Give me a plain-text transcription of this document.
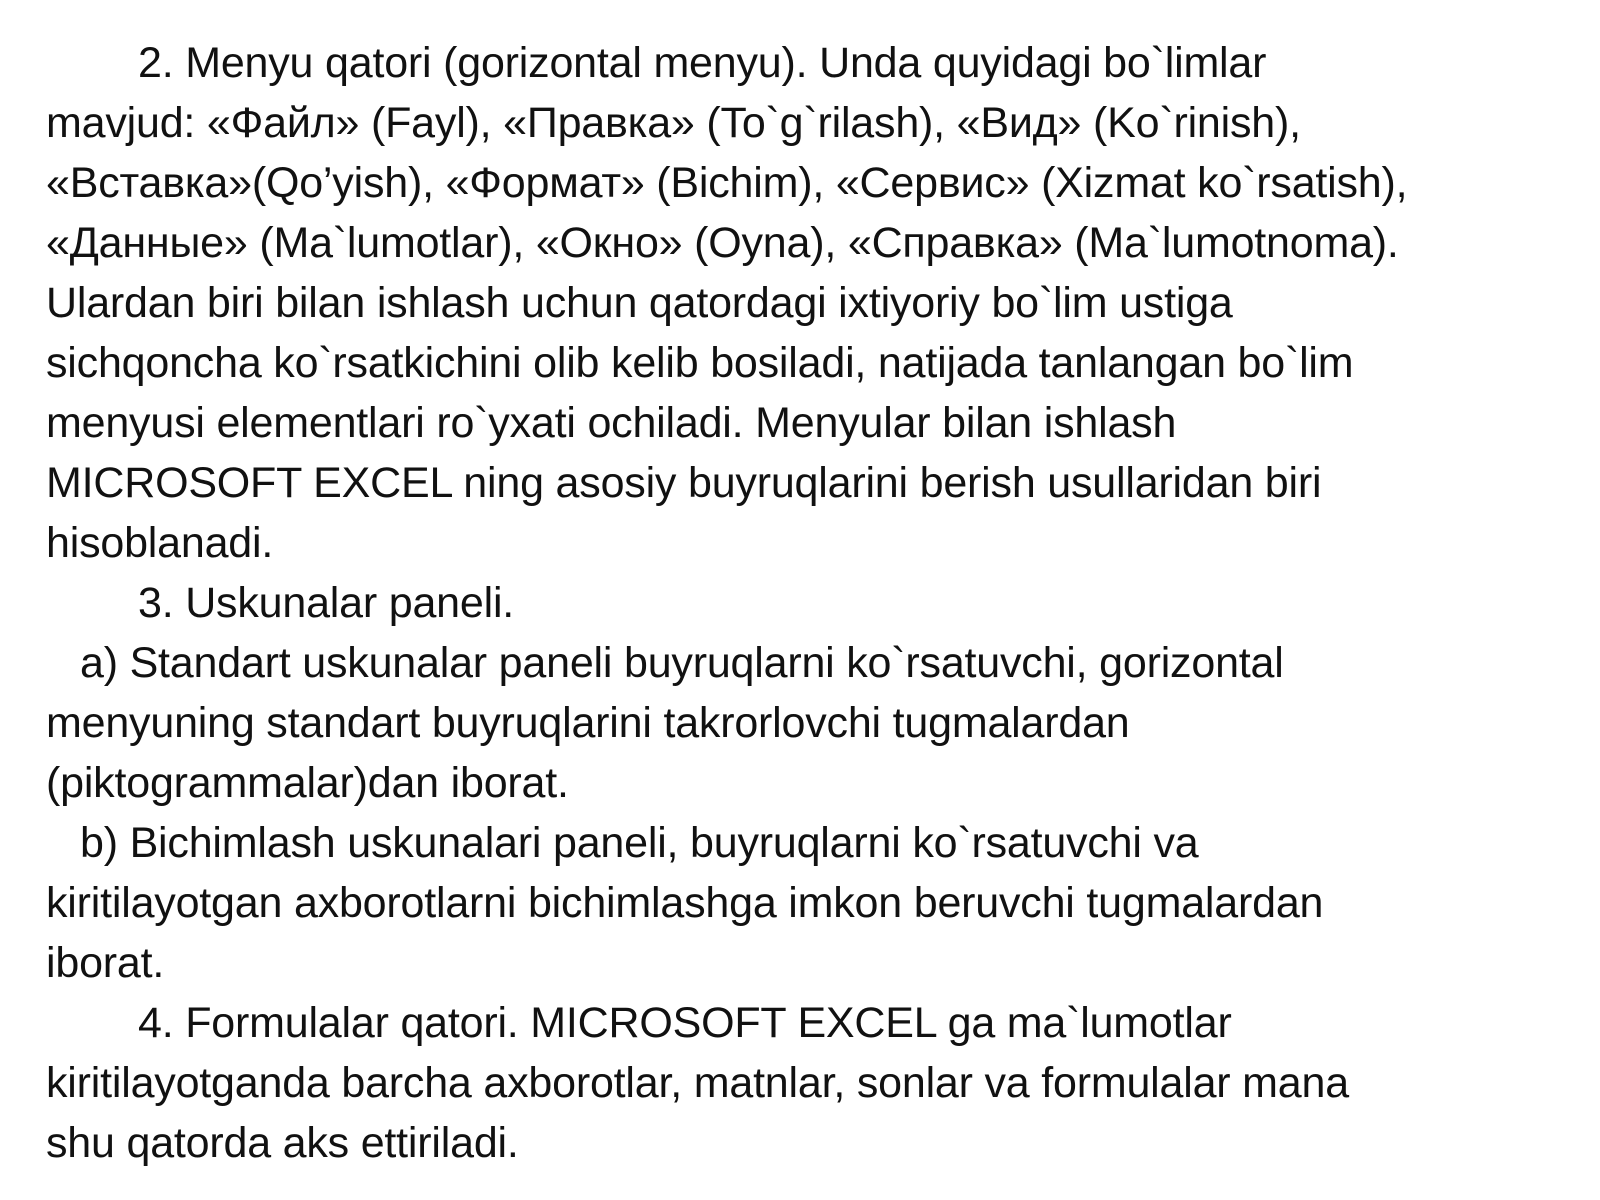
2. Menyu qatori (gorizontal menyu). Unda quyidagi bo`limlar
mavjud: «Файл» (Fayl), «Правка» (To`g`rilash), «Вид» (Ko`rinish),
«Вставка»(Qo’yish), «Формат» (Bichim), «Сервис» (Xizmat ko`rsatish),
«Данные» (Ma`lumotlar), «Окно» (Oyna), «Справка» (Ma`lumotnoma).
Ulardan biri bilan ishlash uchun qatordagi ixtiyoriy bo`lim ustiga
sichqoncha ko`rsatkichini olib kelib bosiladi, natijada tanlangan bo`lim
menyusi elementlari ro`yxati ochiladi. Menyular bilan ishlash
MICROSOFT EXCEL ning asosiy buyruqlarini berish usullaridan biri
hisoblanadi.
3. Uskunalar paneli.
a) Standart uskunalar paneli buyruqlarni ko`rsatuvchi, gorizontal
menyuning standart buyruqlarini takrorlovchi tugmalardan
(piktogrammalar)dan iborat.
b) Bichimlash uskunalari paneli, buyruqlarni ko`rsatuvchi va
kiritilayotgan axborotlarni bichimlashga imkon beruvchi tugmalardan
iborat.
4. Formulalar qatori. MICROSOFT EXCEL ga ma`lumotlar
kiritilayotganda barcha axborotlar, matnlar, sonlar va formulalar mana
shu qatorda aks ettiriladi.
